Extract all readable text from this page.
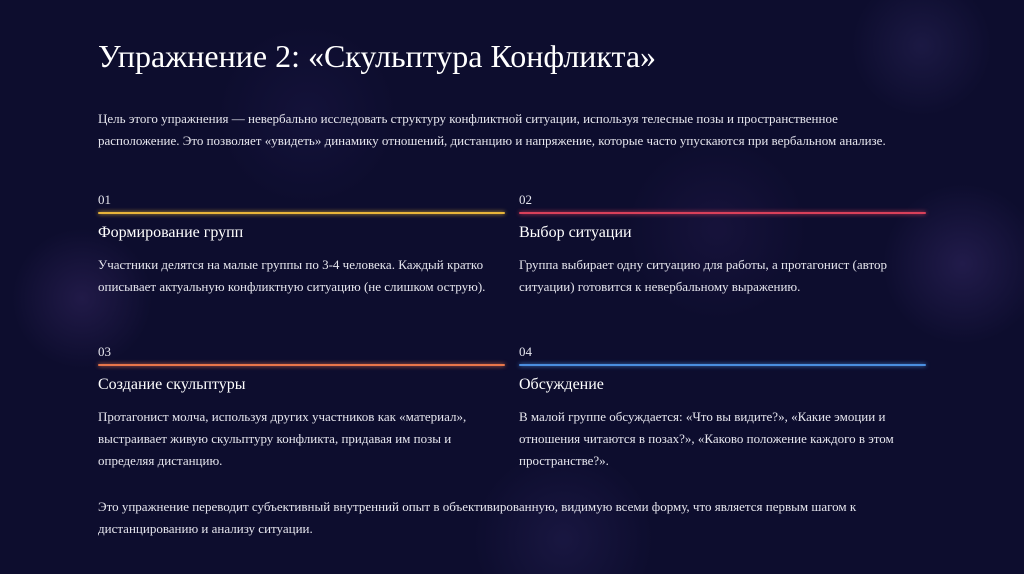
Упражнение 2: «Скульптура Конфликта»

Цель этого упражнения — невербально исследовать структуру конфликтной ситуации, используя телесные позы и пространственное расположение. Это позволяет «увидеть» динамику отношений, дистанцию и напряжение, которые часто упускаются при вербальном анализе.

01
Формирование групп
Участники делятся на малые группы по 3-4 человека. Каждый кратко описывает актуальную конфликтную ситуацию (не слишком острую).
02
Выбор ситуации
Группа выбирает одну ситуацию для работы, а протагонист (автор ситуации) готовится к невербальному выражению.
03
Создание скульптуры
Протагонист молча, используя других участников как «материал», выстраивает живую скульптуру конфликта, придавая им позы и определяя дистанцию.
04
Обсуждение
В малой группе обсуждается: «Что вы видите?», «Какие эмоции и отношения читаются в позах?», «Каково положение каждого в этом пространстве?».

Это упражнение переводит субъективный внутренний опыт в объективированную, видимую всеми форму, что является первым шагом к дистанцированию и анализу ситуации.
